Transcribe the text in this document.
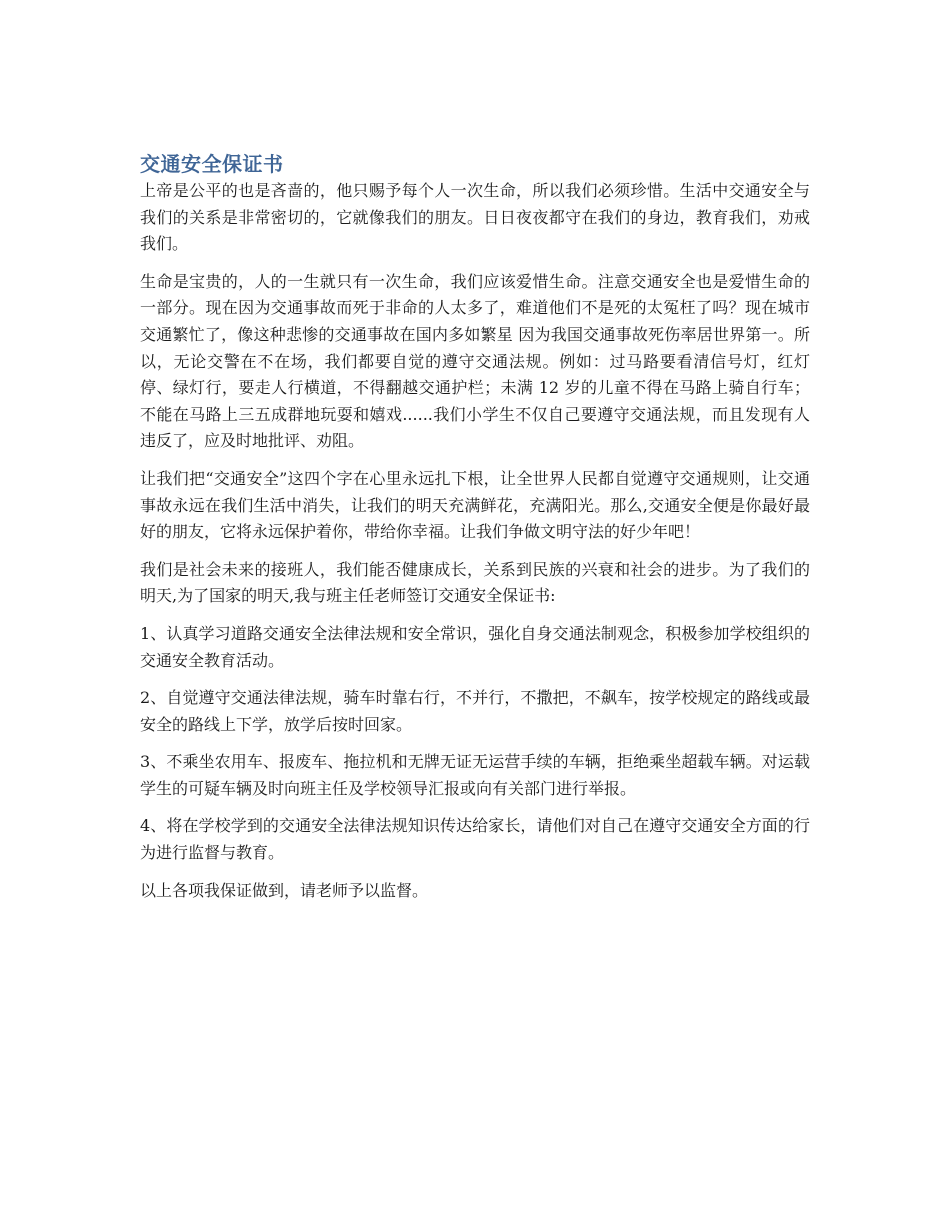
交通安全保证书

上帝是公平的也是吝啬的，他只赐予每个人一次生命，所以我们必须珍惜。生活中交通安全与我们的关系是非常密切的，它就像我们的朋友。日日夜夜都守在我们的身边，教育我们，劝戒我们。

生命是宝贵的，人的一生就只有一次生命，我们应该爱惜生命。注意交通安全也是爱惜生命的一部分。现在因为交通事故而死于非命的人太多了，难道他们不是死的太冤枉了吗？现在城市交通繁忙了，像这种悲惨的交通事故在国内多如繁星 因为我国交通事故死伤率居世界第一。所以，无论交警在不在场，我们都要自觉的遵守交通法规。例如：过马路要看清信号灯，红灯停、绿灯行，要走人行横道，不得翻越交通护栏；未满 12 岁的儿童不得在马路上骑自行车；不能在马路上三五成群地玩耍和嬉戏......我们小学生不仅自己要遵守交通法规，而且发现有人违反了，应及时地批评、劝阻。

让我们把“交通安全”这四个字在心里永远扎下根，让全世界人民都自觉遵守交通规则，让交通事故永远在我们生活中消失，让我们的明天充满鲜花，充满阳光。那么,交通安全便是你最好最好的朋友，它将永远保护着你，带给你幸福。让我们争做文明守法的好少年吧！

我们是社会未来的接班人，我们能否健康成长，关系到民族的兴衰和社会的进步。为了我们的明天,为了国家的明天,我与班主任老师签订交通安全保证书:

1、认真学习道路交通安全法律法规和安全常识，强化自身交通法制观念，积极参加学校组织的交通安全教育活动。

2、自觉遵守交通法律法规，骑车时靠右行，不并行，不撒把，不飙车，按学校规定的路线或最安全的路线上下学，放学后按时回家。

3、不乘坐农用车、报废车、拖拉机和无牌无证无运营手续的车辆，拒绝乘坐超载车辆。对运载学生的可疑车辆及时向班主任及学校领导汇报或向有关部门进行举报。

4、将在学校学到的交通安全法律法规知识传达给家长，请他们对自己在遵守交通安全方面的行为进行监督与教育。

以上各项我保证做到，请老师予以监督。
